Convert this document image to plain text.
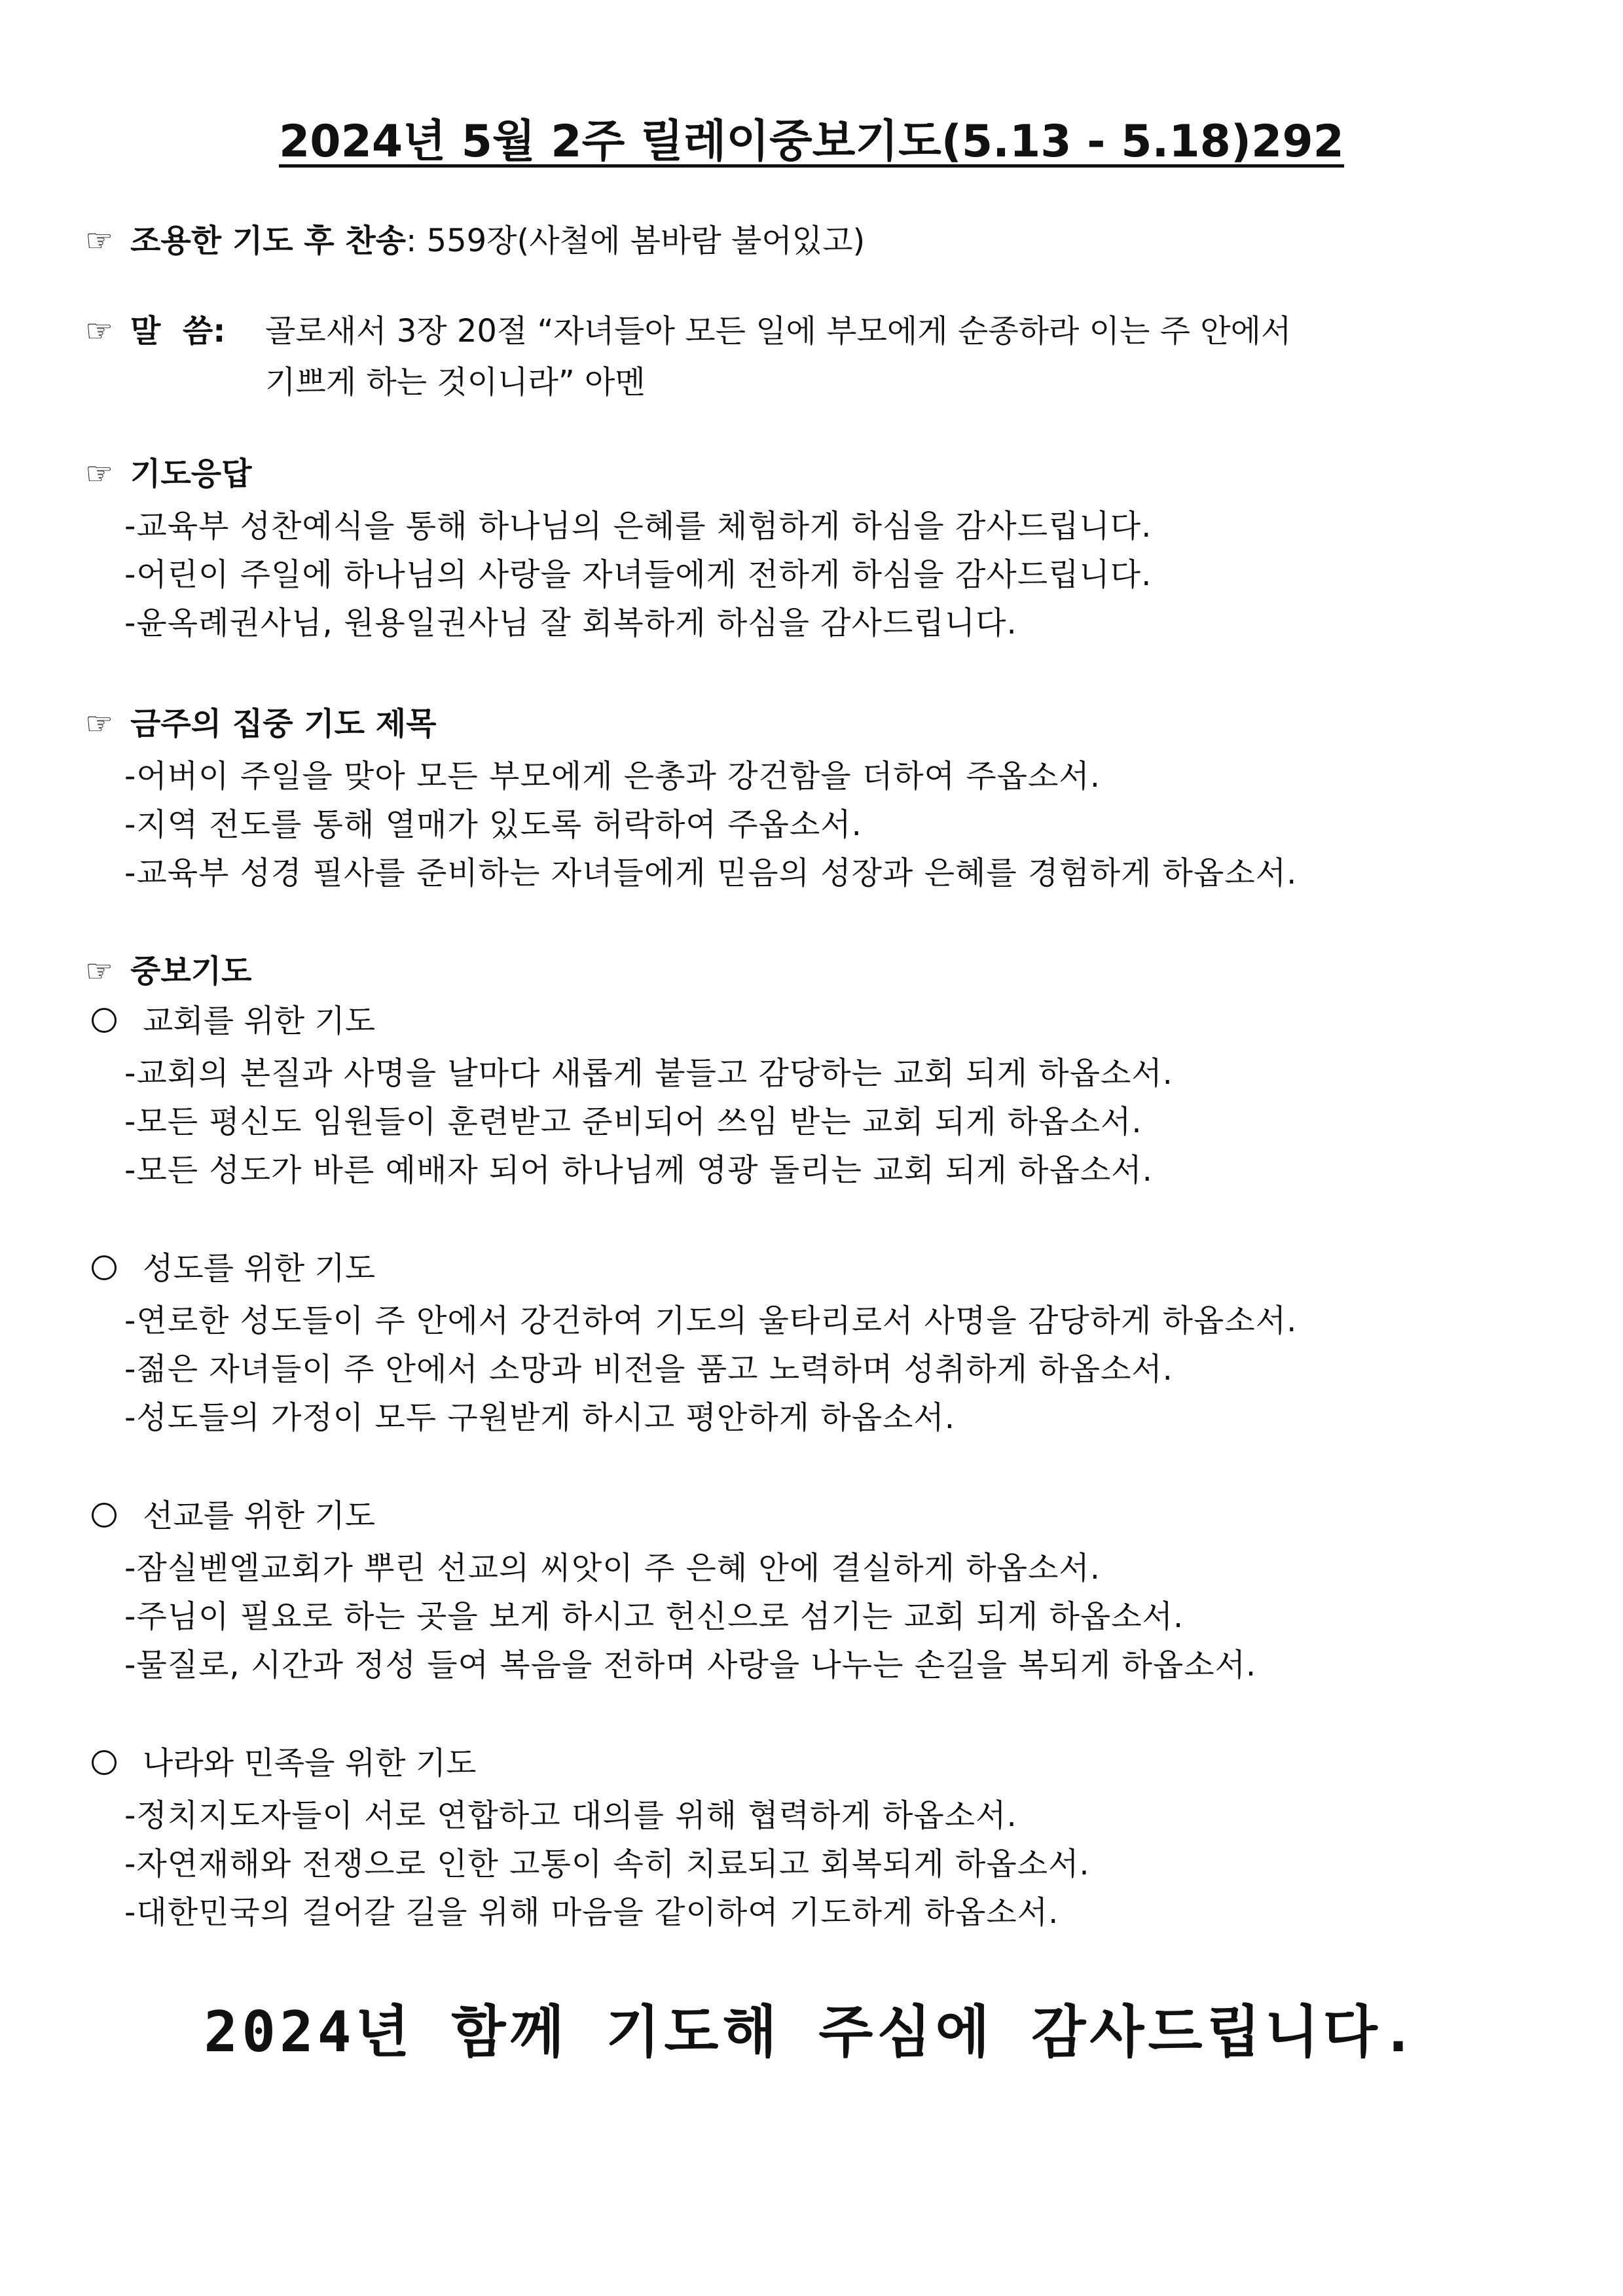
2024년 5월 2주 릴레이중보기도(5.13 - 5.18)292
☞ 조용한 기도 후 찬송: 559장(사철에 봄바람 불어있고)
☞ 말  씀: 골로새서 3장 20절 “자녀들아 모든 일에 부모에게 순종하라 이는 주 안에서
기쁘게 하는 것이니라” 아멘
☞ 기도응답
-교육부 성찬예식을 통해 하나님의 은혜를 체험하게 하심을 감사드립니다.
-어린이 주일에 하나님의 사랑을 자녀들에게 전하게 하심을 감사드립니다.
-윤옥례권사님, 원용일권사님 잘 회복하게 하심을 감사드립니다.
☞ 금주의 집중 기도 제목
-어버이 주일을 맞아 모든 부모에게 은총과 강건함을 더하여 주옵소서.
-지역 전도를 통해 열매가 있도록 허락하여 주옵소서.
-교육부 성경 필사를 준비하는 자녀들에게 믿음의 성장과 은혜를 경험하게 하옵소서.
☞ 중보기도
교회를 위한 기도
-교회의 본질과 사명을 날마다 새롭게 붙들고 감당하는 교회 되게 하옵소서.
-모든 평신도 임원들이 훈련받고 준비되어 쓰임 받는 교회 되게 하옵소서.
-모든 성도가 바른 예배자 되어 하나님께 영광 돌리는 교회 되게 하옵소서.
성도를 위한 기도
-연로한 성도들이 주 안에서 강건하여 기도의 울타리로서 사명을 감당하게 하옵소서.
-젊은 자녀들이 주 안에서 소망과 비전을 품고 노력하며 성취하게 하옵소서.
-성도들의 가정이 모두 구원받게 하시고 평안하게 하옵소서.
선교를 위한 기도
-잠실벧엘교회가 뿌린 선교의 씨앗이 주 은혜 안에 결실하게 하옵소서.
-주님이 필요로 하는 곳을 보게 하시고 헌신으로 섬기는 교회 되게 하옵소서.
-물질로, 시간과 정성 들여 복음을 전하며 사랑을 나누는 손길을 복되게 하옵소서.
나라와 민족을 위한 기도
-정치지도자들이 서로 연합하고 대의를 위해 협력하게 하옵소서.
-자연재해와 전쟁으로 인한 고통이 속히 치료되고 회복되게 하옵소서.
-대한민국의 걸어갈 길을 위해 마음을 같이하여 기도하게 하옵소서.
2024년 함께 기도해 주심에 감사드립니다.
